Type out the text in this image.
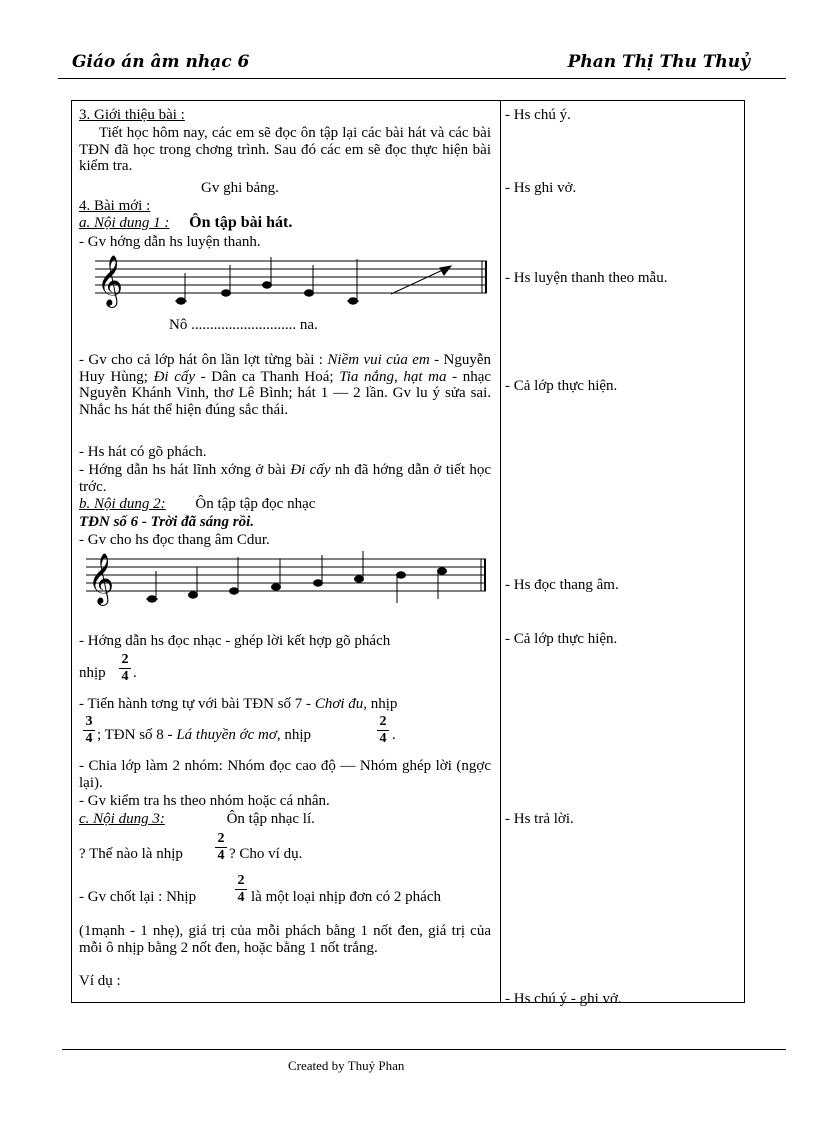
Giáo án âm nhạc 6	Phan Thị Thu Thuỷ
3. Giới thiệu bài :
Tiết học hôm nay, các em sẽ đọc ôn tập lại các bài hát và các bài TĐN đã học trong chơng trình. Sau đó các em sẽ đọc thực hiện bài kiểm tra.
Gv ghi bảng.
4. Bài mới :
a. Nội dung 1 : Ôn tập bài hát.
- Gv hớng dẫn hs luyện thanh.
𝄞
Nô ............................ na.
- Gv cho cả lớp hát ôn lần lợt từng bài : Niềm vui của em - Nguyễn Huy Hùng; Đi cấy - Dân ca Thanh Hoá; Tia nắng, hạt ma - nhạc Nguyễn Khánh Vinh, thơ Lê Bình; hát 1 — 2 lần. Gv lu ý sửa sai. Nhắc hs hát thể hiện đúng sắc thái.
- Hs hát có gõ phách.
- Hớng dẫn hs hát lĩnh xớng ở bài Đi cấy nh đã hớng dẫn ở tiết học trớc.
b. Nội dung 2: Ôn tập tập đọc nhạc
TĐN số 6 - Trời đã sáng rồi.
- Gv cho hs đọc thang âm Cdur.
𝄞
- Hớng dẫn hs đọc nhạc - ghép lời kết hợp gõ phách
nhịp
2
4 .
- Tiến hành tơng tự với bài TĐN số 7 - Chơi đu, nhịp
3
4 ; TĐN số 8 - Lá thuyền ớc mơ, nhịp
2
4 .
- Chia lớp làm 2 nhóm: Nhóm đọc cao độ — Nhóm ghép lời (ngợc lại).
- Gv kiểm tra hs theo nhóm hoặc cá nhân.
c. Nội dung 3:	Ôn tập nhạc lí.
? Thế nào là nhịp
2
4 ? Cho ví dụ.
- Gv chốt lại : Nhịp
2
4 là một loại nhịp đơn có 2 phách
(1mạnh - 1 nhẹ), giá trị của mỗi phách bằng 1 nốt đen, giá trị của mỗi ô nhịp bằng 2 nốt đen, hoặc bằng 1 nốt trắng.
Ví dụ :
- Hs chú ý.
- Hs ghi vở.
- Hs luyện thanh theo mẫu.
- Cả lớp thực hiện.
- Hs đọc thang âm.
- Cả lớp thực hiện.
- Hs trả lời.
- Hs chú ý - ghi vở.
Created by Thuỷ Phan
